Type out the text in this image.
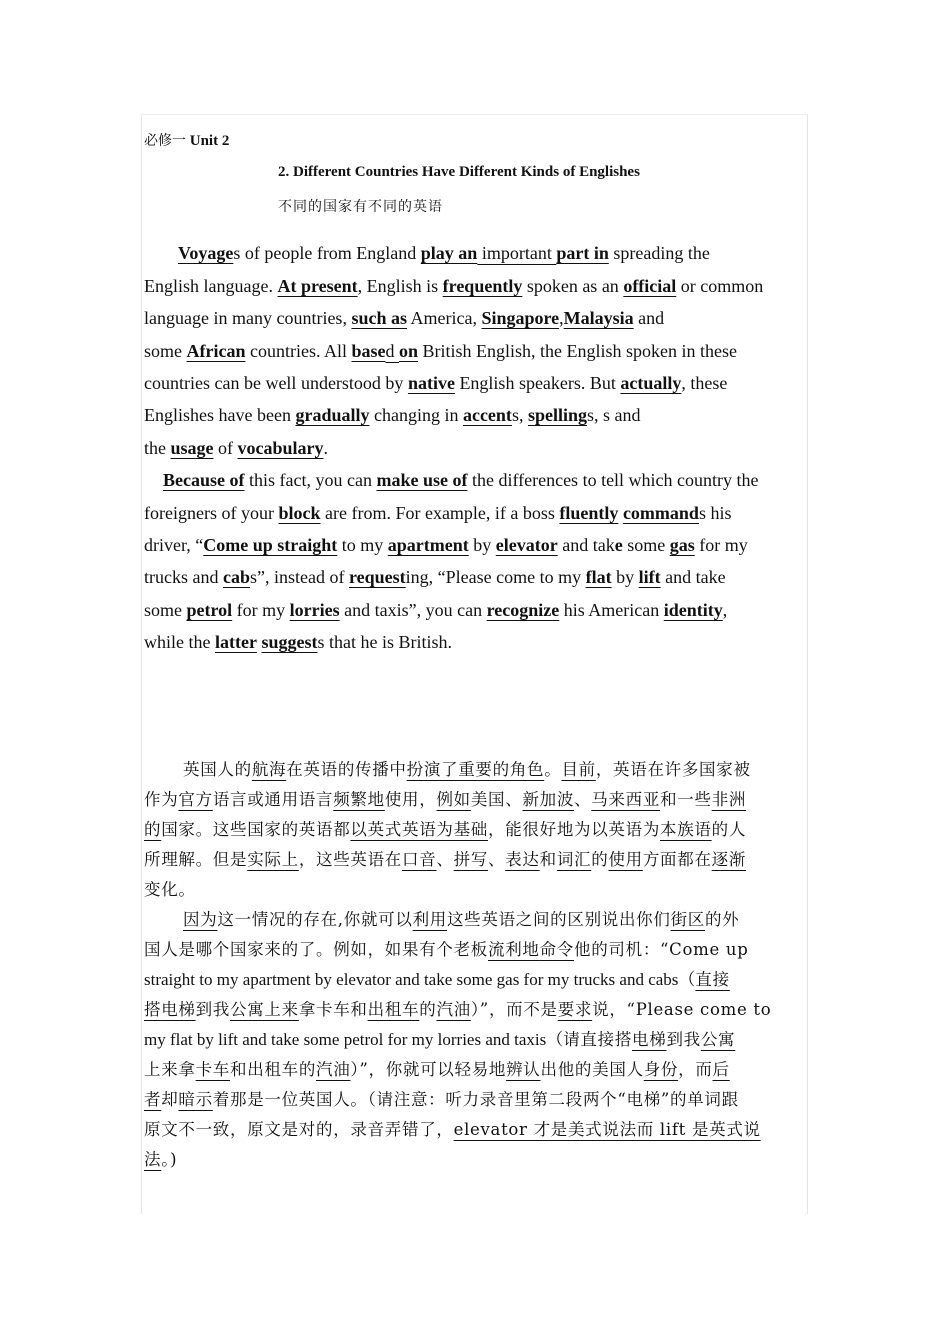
必修一 Unit 2
2. Different Countries Have Different Kinds of Englishes
不同的国家有不同的英语
Voyages of people from England play an important part in spreading the
English language. At present, English is frequently spoken as an official or common
language in many countries, such as America, Singapore,Malaysia and
some African countries. All based on British English, the English spoken in these
countries can be well understood by native English speakers. But actually, these
Englishes have been gradually changing in accents, spellings, s and
the usage of vocabulary.
Because of this fact, you can make use of the differences to tell which country the
foreigners of your block are from. For example, if a boss fluently commands his
driver, “Come up straight to my apartment by elevator and take some gas for my
trucks and cabs”, instead of requesting, “Please come to my flat by lift and take
some petrol for my lorries and taxis”, you can recognize his American identity,
while the latter suggests that he is British.
英国人的航海在英语的传播中扮演了重要的角色。目前，英语在许多国家被
作为官方语言或通用语言频繁地使用，例如美国、新加波、马来西亚和一些非洲
的国家。这些国家的英语都以英式英语为基础，能很好地为以英语为本族语的人
所理解。但是实际上，这些英语在口音、拼写、表达和词汇的使用方面都在逐渐
变化。
因为这一情况的存在,你就可以利用这些英语之间的区别说出你们街区的外
国人是哪个国家来的了。例如，如果有个老板流利地命令他的司机：“Come up
straight to my apartment by elevator and take some gas for my trucks and cabs（直接
搭电梯到我公寓上来拿卡车和出租车的汽油）”，而不是要求说，“Please come to
my flat by lift and take some petrol for my lorries and taxis（请直接搭电梯到我公寓
上来拿卡车和出租车的汽油）”，你就可以轻易地辨认出他的美国人身份，而后
者却暗示着那是一位英国人。（请注意：听力录音里第二段两个“电梯”的单词跟
原文不一致，原文是对的，录音弄错了，elevator 才是美式说法而 lift 是英式说
法。)
